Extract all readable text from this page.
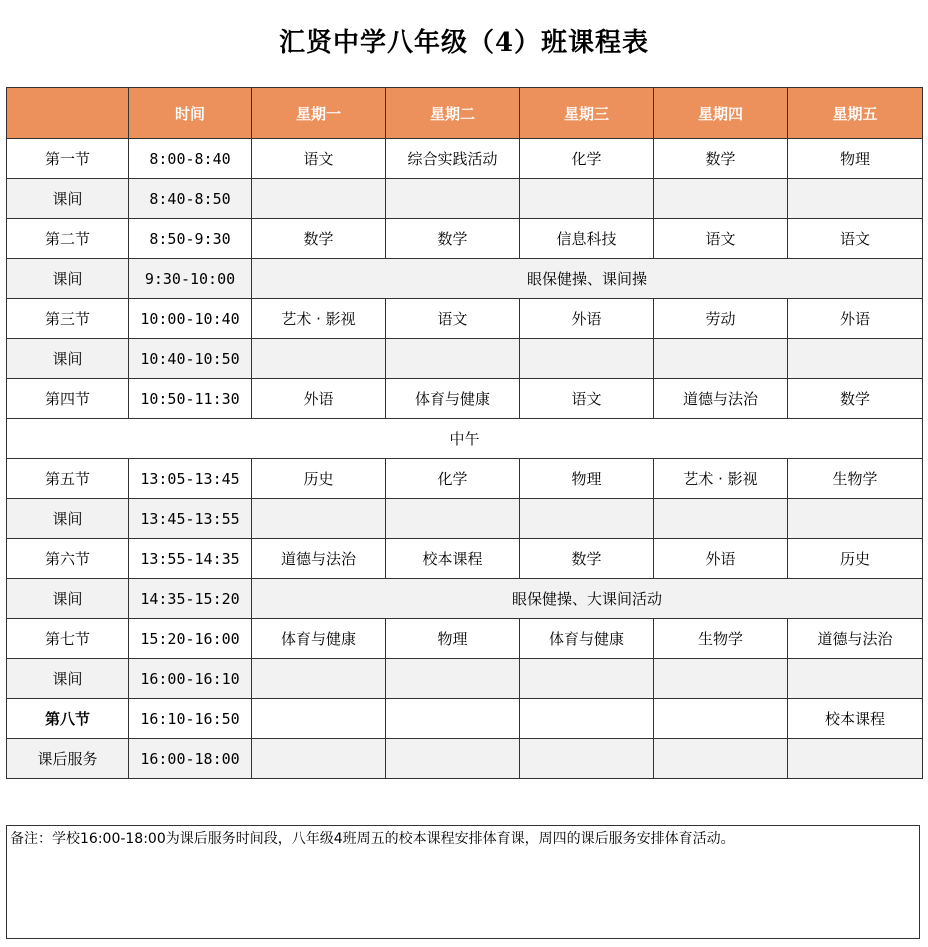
汇贤中学八年级（4）班课程表
	时间	星期一	星期二	星期三	星期四	星期五
第一节	8:00-8:40	语文	综合实践活动	化学	数学	物理
课间	8:40-8:50					
第二节	8:50-9:30	数学	数学	信息科技	语文	语文
课间	9:30-10:00	眼保健操、课间操				
第三节	10:00-10:40	艺术 · 影视	语文	外语	劳动	外语
课间	10:40-10:50					
第四节	10:50-11:30	外语	体育与健康	语文	道德与法治	数学
中午						
第五节	13:05-13:45	历史	化学	物理	艺术 · 影视	生物学
课间	13:45-13:55					
第六节	13:55-14:35	道德与法治	校本课程	数学	外语	历史
课间	14:35-15:20	眼保健操、大课间活动				
第七节	15:20-16:00	体育与健康	物理	体育与健康	生物学	道德与法治
课间	16:00-16:10					
第八节	16:10-16:50					校本课程
课后服务	16:00-18:00					
备注：学校16:00-18:00为课后服务时间段，八年级4班周五的校本课程安排体育课，周四的课后服务安排体育活动。
